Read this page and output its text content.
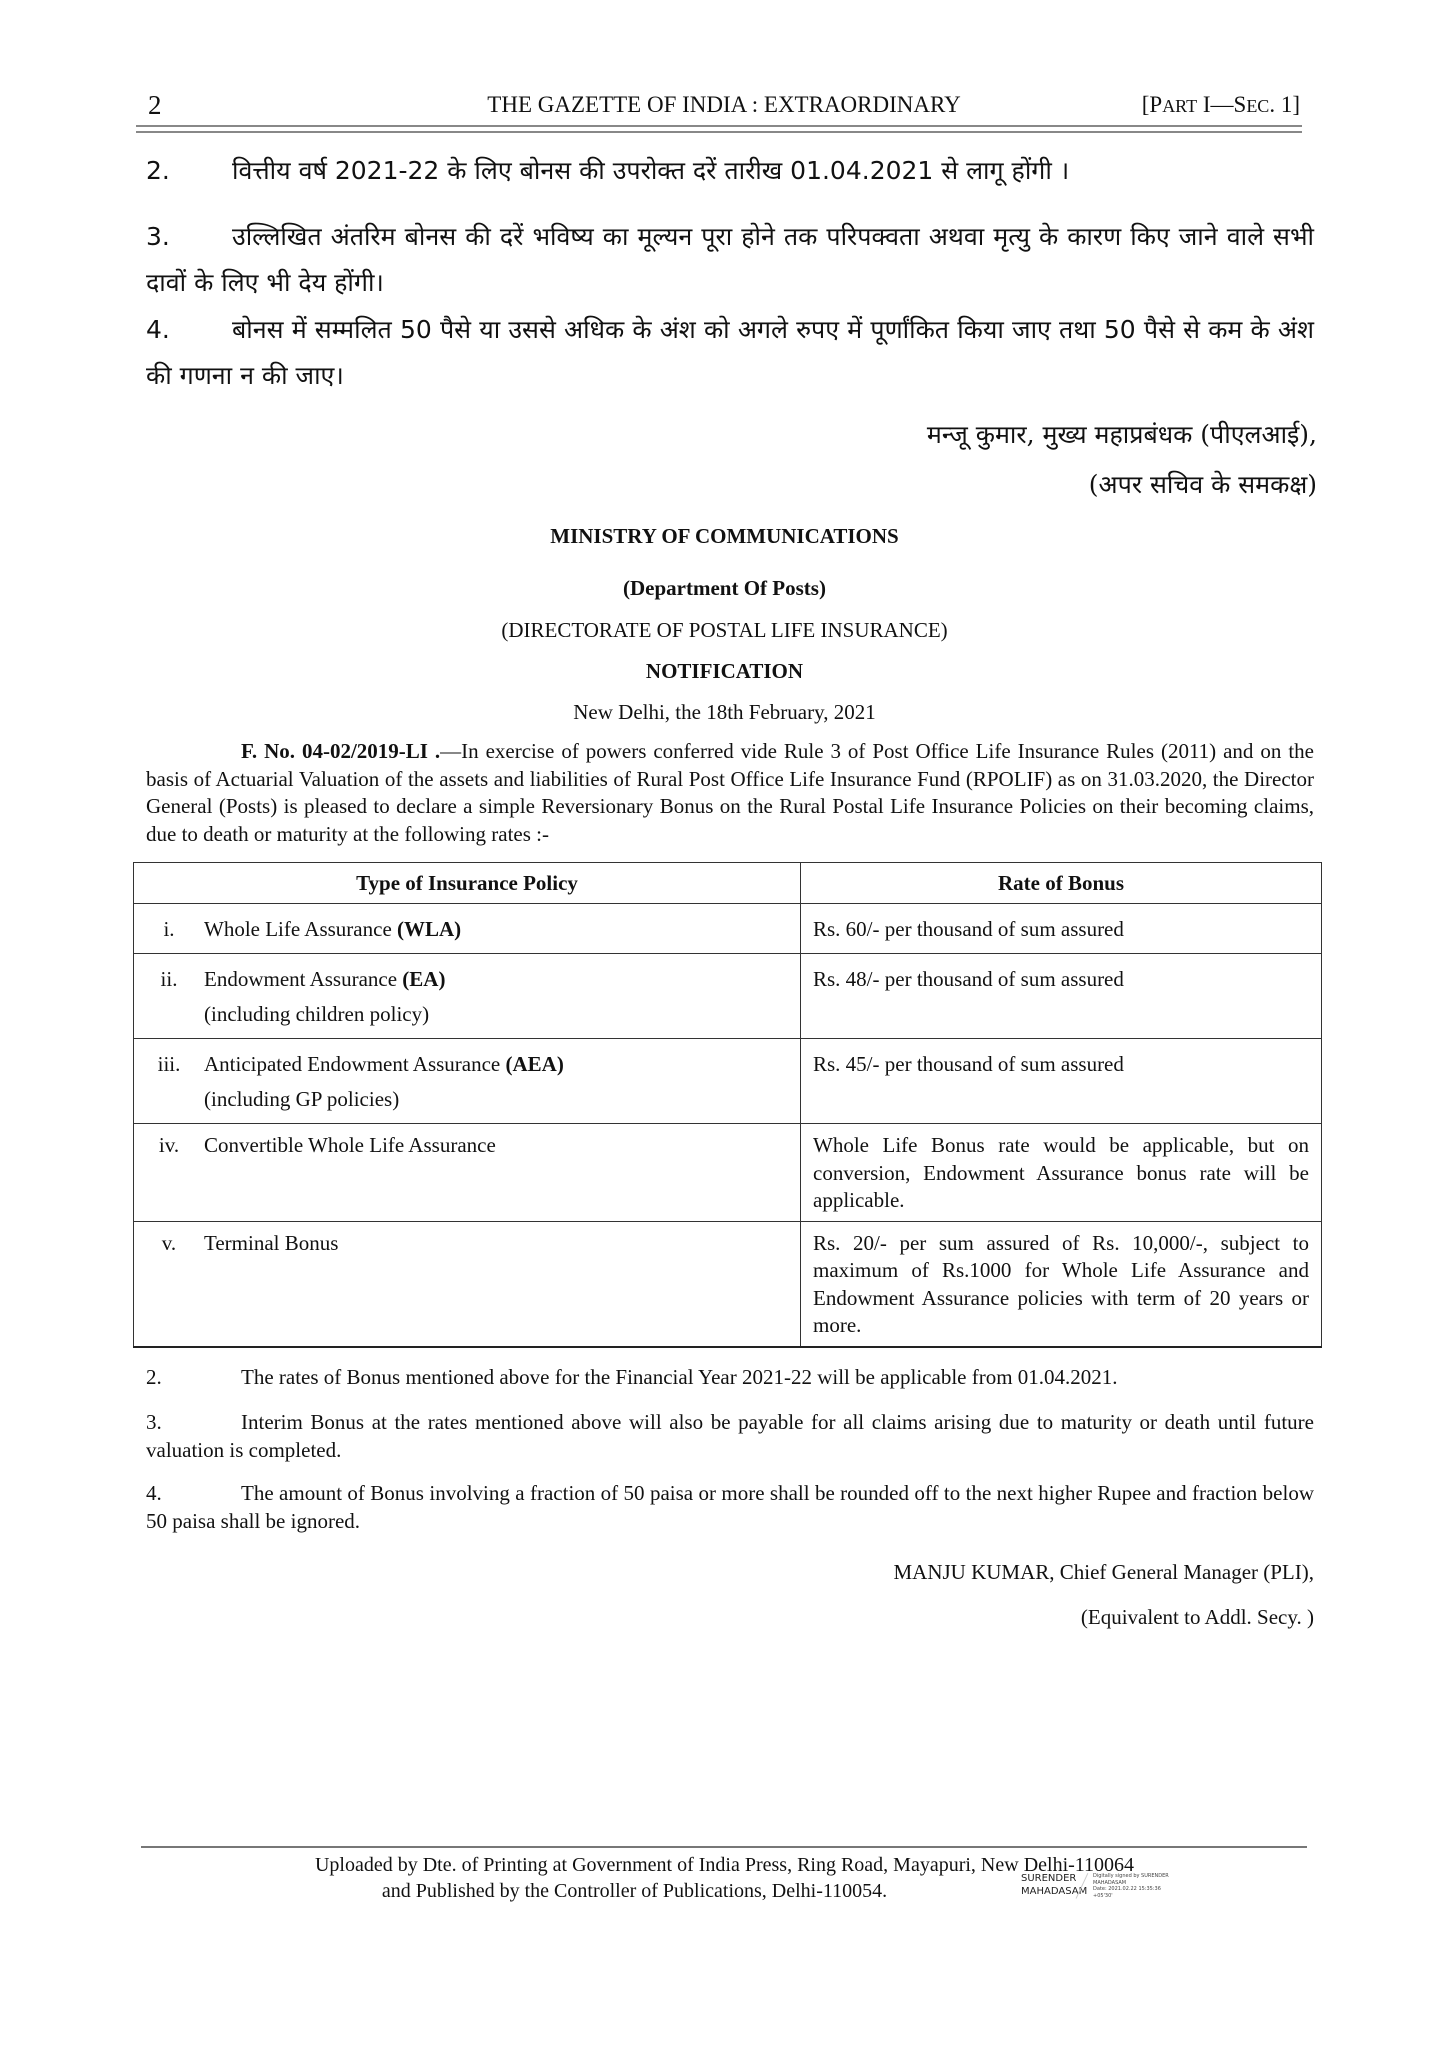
2	THE GAZETTE OF INDIA : EXTRAORDINARY	[PART I—SEC. 1]
2. वित्तीय वर्ष 2021-22 के लिए बोनस की उपरोक्त दरें तारीख 01.04.2021 से लागू होंगी ।
3. उल्लिखित अंतरिम बोनस की दरें भविष्य का मूल्यन पूरा होने तक परिपक्वता अथवा मृत्यु के कारण किए जाने वाले सभी दावों के लिए भी देय होंगी।
4. बोनस में सम्मलित 50 पैसे या उससे अधिक के अंश को अगले रुपए में पूर्णांकित किया जाए तथा 50 पैसे से कम के अंश की गणना न की जाए।
मन्जू कुमार, मुख्य महाप्रबंधक (पीएलआई),
(अपर सचिव के समकक्ष)
MINISTRY OF COMMUNICATIONS
(Department Of Posts)
(DIRECTORATE OF POSTAL LIFE INSURANCE)
NOTIFICATION
New Delhi, the 18th February, 2021
F. No. 04-02/2019-LI .—In exercise of powers conferred vide Rule 3 of Post Office Life Insurance Rules (2011) and on the basis of Actuarial Valuation of the assets and liabilities of Rural Post Office Life Insurance Fund (RPOLIF) as on 31.03.2020, the Director General (Posts) is pleased to declare a simple Reversionary Bonus on the Rural Postal Life Insurance Policies on their becoming claims, due to death or maturity at the following rates :-
Type of Insurance Policy	Rate of Bonus

i. Whole Life Assurance (WLA)	Rs. 60/- per thousand of sum assured

ii. Endowment Assurance (EA)
(including children policy)	Rs. 48/- per thousand of sum assured

iii. Anticipated Endowment Assurance (AEA)
(including GP policies)	Rs. 45/- per thousand of sum assured

iv. Convertible Whole Life Assurance	Whole Life Bonus rate would be applicable, but on conversion, Endowment Assurance bonus rate will be applicable.

v. Terminal Bonus	Rs. 20/- per sum assured of Rs. 10,000/-, subject to maximum of Rs.1000 for Whole Life Assurance and Endowment Assurance policies with term of 20 years or more.
2.	The rates of Bonus mentioned above for the Financial Year 2021-22 will be applicable from 01.04.2021.
3.	Interim Bonus at the rates mentioned above will also be payable for all claims arising due to maturity or death until future valuation is completed.
4.	The amount of Bonus involving a fraction of 50 paisa or more shall be rounded off to the next higher Rupee and fraction below 50 paisa shall be ignored.
MANJU KUMAR, Chief General Manager (PLI),
(Equivalent to Addl. Secy. )
Uploaded by Dte. of Printing at Government of India Press, Ring Road, Mayapuri, New Delhi-110064
and Published by the Controller of Publications, Delhi-110054.
SURENDER
MAHADASAM
Digitally signed by SURENDER
MAHADASAM
Date: 2021.02.22 15:35:36
+05'30'
